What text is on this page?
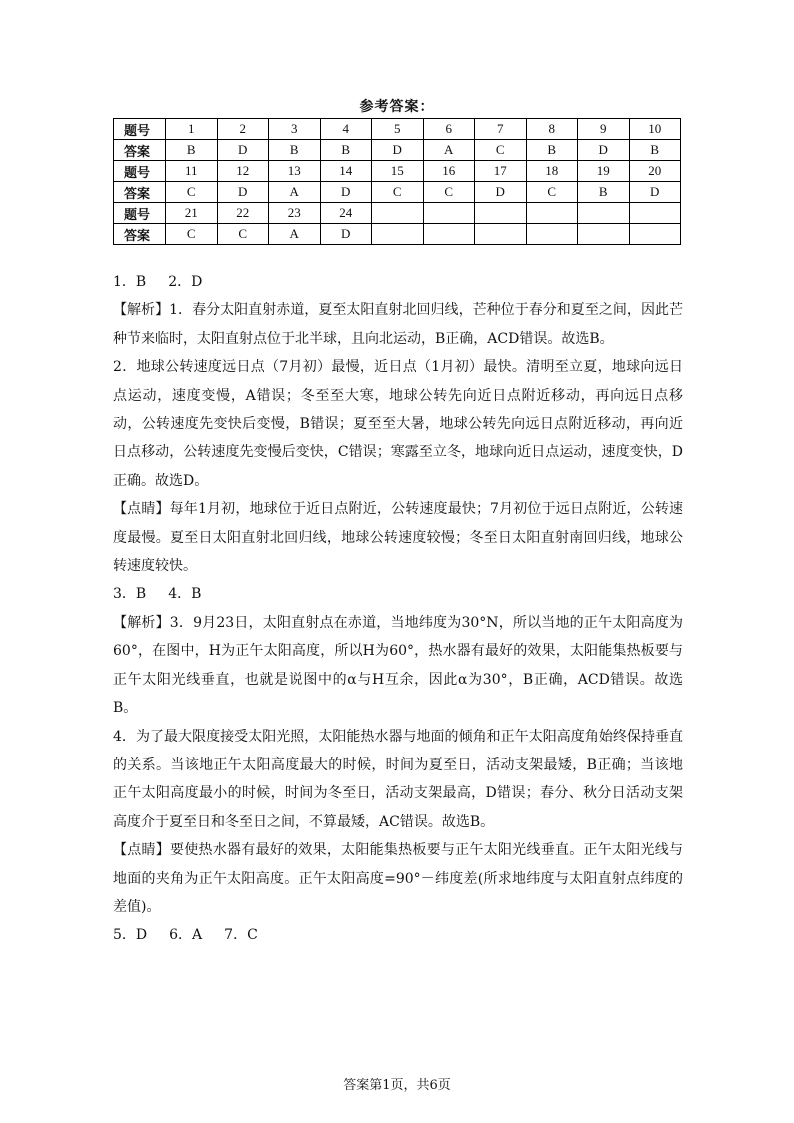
参考答案：
题号	1	2	3	4	5	6	7	8	9	10
答案	B	D	B	B	D	A	C	B	D	B
题号	11	12	13	14	15	16	17	18	19	20
答案	C	D	A	D	C	C	D	C	B	D
题号	21	22	23	24						
答案	C	C	A	D						

1．B 2．D

【解析】1．春分太阳直射赤道，夏至太阳直射北回归线，芒种位于春分和夏至之间，因此芒种节来临时，太阳直射点位于北半球，且向北运动，B正确，ACD错误。故选B。

2．地球公转速度远日点（7月初）最慢，近日点（1月初）最快。清明至立夏，地球向远日点运动，速度变慢，A错误；冬至至大寒，地球公转先向近日点附近移动，再向远日点移动，公转速度先变快后变慢，B错误；夏至至大暑，地球公转先向远日点附近移动，再向近日点移动，公转速度先变慢后变快，C错误；寒露至立冬，地球向近日点运动，速度变快，D正确。故选D。

【点睛】每年1月初，地球位于近日点附近，公转速度最快；7月初位于远日点附近，公转速度最慢。夏至日太阳直射北回归线，地球公转速度较慢；冬至日太阳直射南回归线，地球公转速度较快。

3．B 4．B

【解析】3．9月23日，太阳直射点在赤道，当地纬度为30°N，所以当地的正午太阳高度为60°，在图中，H为正午太阳高度，所以H为60°，热水器有最好的效果，太阳能集热板要与正午太阳光线垂直，也就是说图中的α与H互余，因此α为30°，B正确，ACD错误。故选B。

4．为了最大限度接受太阳光照，太阳能热水器与地面的倾角和正午太阳高度角始终保持垂直的关系。当该地正午太阳高度最大的时候，时间为夏至日，活动支架最矮，B正确；当该地正午太阳高度最小的时候，时间为冬至日，活动支架最高，D错误；春分、秋分日活动支架高度介于夏至日和冬至日之间，不算最矮，AC错误。故选B。

【点睛】要使热水器有最好的效果，太阳能集热板要与正午太阳光线垂直。正午太阳光线与地面的夹角为正午太阳高度。正午太阳高度=90°－纬度差(所求地纬度与太阳直射点纬度的差值)。

5．D 6．A 7．C

答案第1页，共6页
